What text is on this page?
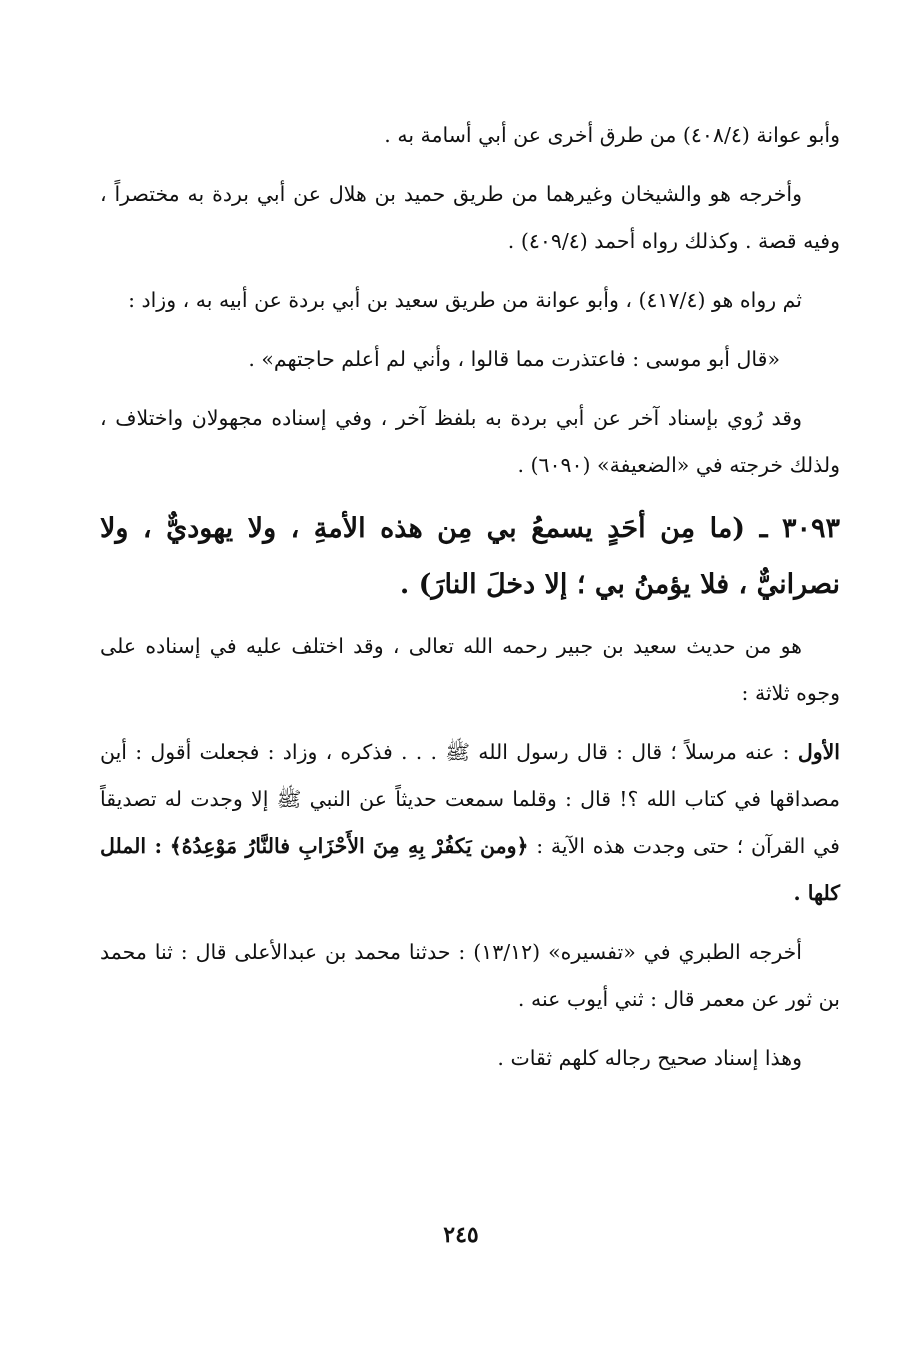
وأبو عوانة (٤٠٨/٤) من طرق أخرى عن أبي أسامة به .

وأخرجه هو والشيخان وغيرهما من طريق حميد بن هلال عن أبي بردة به مختصراً ، وفيه قصة . وكذلك رواه أحمد (٤٠٩/٤) .

ثم رواه هو (٤١٧/٤) ، وأبو عوانة من طريق سعيد بن أبي بردة عن أبيه به ، وزاد :

«قال أبو موسى : فاعتذرت مما قالوا ، وأني لم أعلم حاجتهم» .

وقد رُوي بإسناد آخر عن أبي بردة به بلفظ آخر ، وفي إسناده مجهولان واختلاف ، ولذلك خرجته في «الضعيفة» (٦٠٩٠) .

٣٠٩٣ ـ (ما مِن أحَدٍ يسمعُ بي مِن هذه الأمةِ ، ولا يهوديٌّ ، ولا نصرانيٌّ ، فلا يؤمنُ بي ؛ إلا دخلَ النارَ) .

هو من حديث سعيد بن جبير رحمه الله تعالى ، وقد اختلف عليه في إسناده على وجوه ثلاثة :

الأول : عنه مرسلاً ؛ قال : قال رسول الله ﷺ . . . فذكره ، وزاد : فجعلت أقول : أين مصداقها في كتاب الله ؟! قال : وقلما سمعت حديثاً عن النبي ﷺ إلا وجدت له تصديقاً في القرآن ؛ حتى وجدت هذه الآية : ﴿ومن يَكفُرْ بِهِ مِنَ الأَحْزَابِ فالنَّارُ مَوْعِدُهُ﴾ : الملل كلها .

أخرجه الطبري في «تفسيره» (١٣/١٢) : حدثنا محمد بن عبدالأعلى قال : ثنا محمد بن ثور عن معمر قال : ثني أيوب عنه .

وهذا إسناد صحيح رجاله كلهم ثقات .

٢٤٥
